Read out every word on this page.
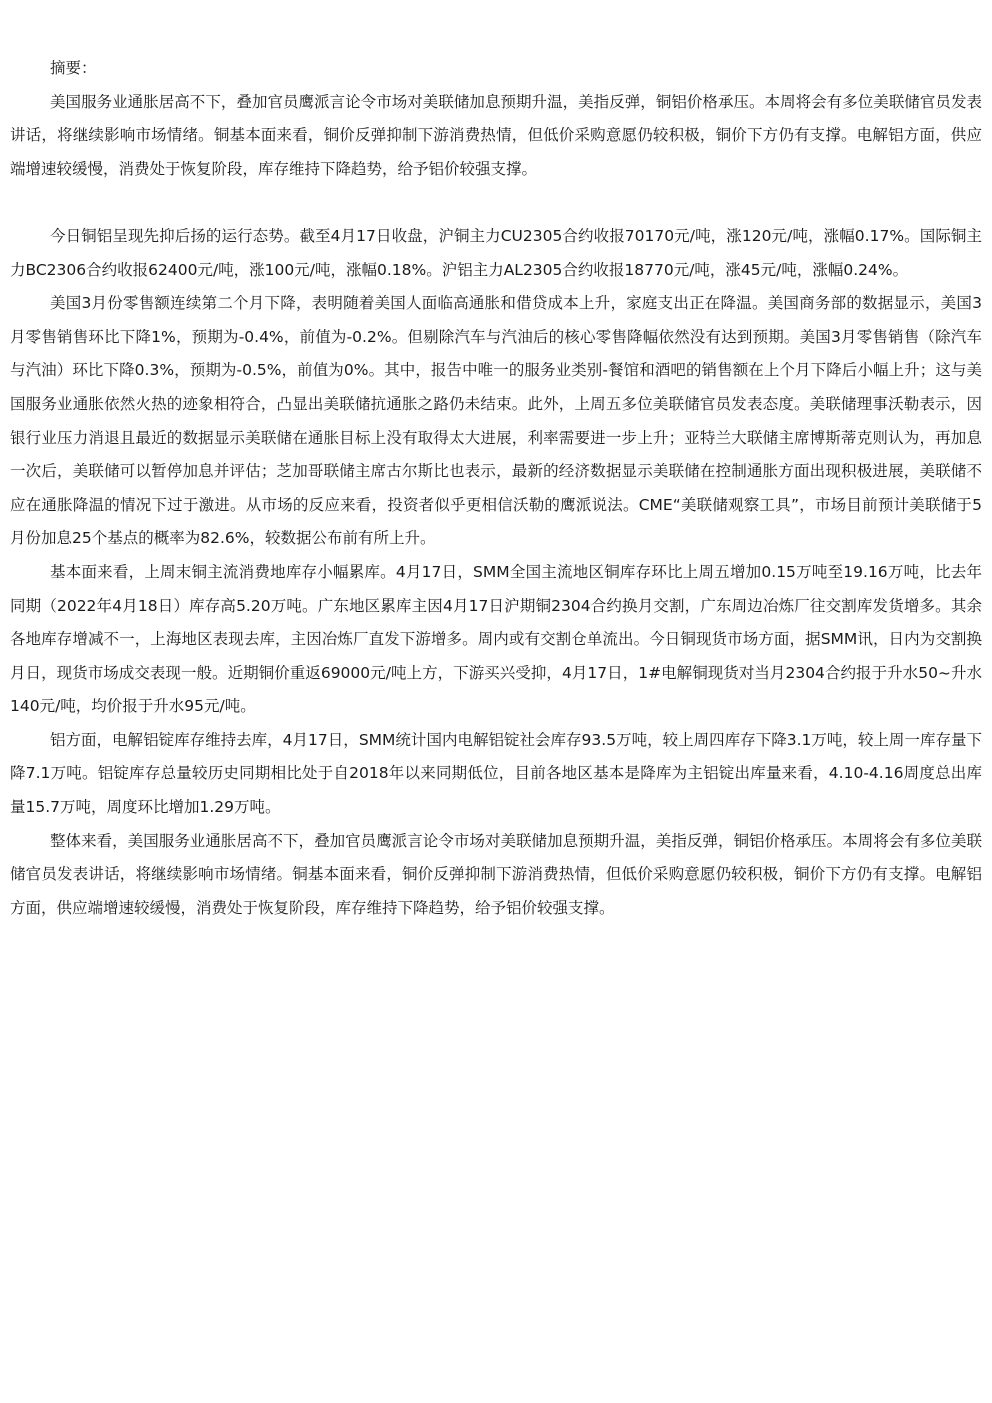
摘要：

美国服务业通胀居高不下，叠加官员鹰派言论令市场对美联储加息预期升温，美指反弹，铜铝价格承压。本周将会有多位美联储官员发表讲话，将继续影响市场情绪。铜基本面来看，铜价反弹抑制下游消费热情，但低价采购意愿仍较积极，铜价下方仍有支撑。电解铝方面，供应端增速较缓慢，消费处于恢复阶段，库存维持下降趋势，给予铝价较强支撑。

今日铜铝呈现先抑后扬的运行态势。截至4月17日收盘，沪铜主力CU2305合约收报70170元/吨，涨120元/吨，涨幅0.17%。国际铜主力BC2306合约收报62400元/吨，涨100元/吨，涨幅0.18%。沪铝主力AL2305合约收报18770元/吨，涨45元/吨，涨幅0.24%。

美国3月份零售额连续第二个月下降，表明随着美国人面临高通胀和借贷成本上升，家庭支出正在降温。美国商务部的数据显示，美国3月零售销售环比下降1%，预期为-0.4%，前值为-0.2%。但剔除汽车与汽油后的核心零售降幅依然没有达到预期。美国3月零售销售（除汽车与汽油）环比下降0.3%，预期为-0.5%，前值为0%。其中，报告中唯一的服务业类别-餐馆和酒吧的销售额在上个月下降后小幅上升；这与美国服务业通胀依然火热的迹象相符合，凸显出美联储抗通胀之路仍未结束。此外，上周五多位美联储官员发表态度。美联储理事沃勒表示，因银行业压力消退且最近的数据显示美联储在通胀目标上没有取得太大进展，利率需要进一步上升；亚特兰大联储主席博斯蒂克则认为，再加息一次后，美联储可以暂停加息并评估；芝加哥联储主席古尔斯比也表示，最新的经济数据显示美联储在控制通胀方面出现积极进展，美联储不应在通胀降温的情况下过于激进。从市场的反应来看，投资者似乎更相信沃勒的鹰派说法。CME“美联储观察工具”，市场目前预计美联储于5月份加息25个基点的概率为82.6%，较数据公布前有所上升。

基本面来看，上周末铜主流消费地库存小幅累库。4月17日，SMM全国主流地区铜库存环比上周五增加0.15万吨至19.16万吨，比去年同期（2022年4月18日）库存高5.20万吨。广东地区累库主因4月17日沪期铜2304合约换月交割，广东周边冶炼厂往交割库发货增多。其余各地库存增减不一，上海地区表现去库，主因冶炼厂直发下游增多。周内或有交割仓单流出。今日铜现货市场方面，据SMM讯，日内为交割换月日，现货市场成交表现一般。近期铜价重返69000元/吨上方，下游买兴受抑，4月17日，1#电解铜现货对当月2304合约报于升水50~升水140元/吨，均价报于升水95元/吨。

铝方面，电解铝锭库存维持去库，4月17日，SMM统计国内电解铝锭社会库存93.5万吨，较上周四库存下降3.1万吨，较上周一库存量下降7.1万吨。铝锭库存总量较历史同期相比处于自2018年以来同期低位，目前各地区基本是降库为主铝锭出库量来看，4.10-4.16周度总出库量15.7万吨，周度环比增加1.29万吨。

整体来看，美国服务业通胀居高不下，叠加官员鹰派言论令市场对美联储加息预期升温，美指反弹，铜铝价格承压。本周将会有多位美联储官员发表讲话，将继续影响市场情绪。铜基本面来看，铜价反弹抑制下游消费热情，但低价采购意愿仍较积极，铜价下方仍有支撑。电解铝方面，供应端增速较缓慢，消费处于恢复阶段，库存维持下降趋势，给予铝价较强支撑。
